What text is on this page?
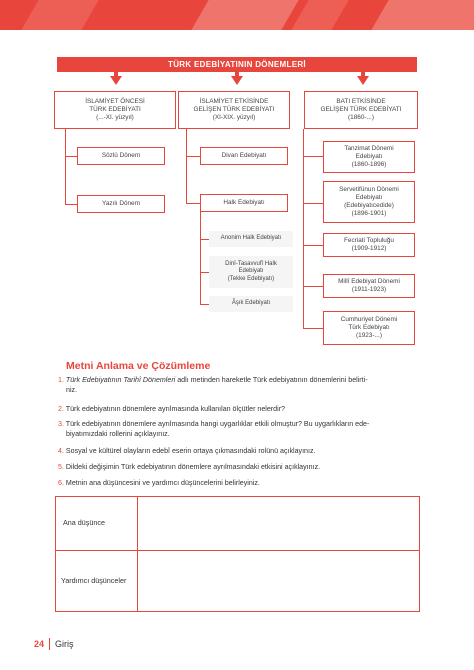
TÜRK EDEBİYATININ DÖNEMLERİ
İSLAMİYET ÖNCESİ
TÜRK EDEBİYATI
(...-XI. yüzyıl)
İSLAMİYET ETKİSİNDE
GELİŞEN TÜRK EDEBİYATI
(XI-XIX. yüzyıl)
BATI ETKİSİNDE
GELİŞEN TÜRK EDEBİYATI
(1860-...)
Sözlü Dönem
Yazılı Dönem
Divan Edebiyatı
Halk Edebiyatı
Anonim Halk Edebiyatı
Dinî-Tasavvufî Halk
Edebiyatı
(Tekke Edebiyatı)
Âşık Edebiyatı
Tanzimat Dönemi
Edebiyatı
(1860-1896)
Servetifünun Dönemi
Edebiyatı
(Edebiyatıcedide)
(1896-1901)
Fecriati Topluluğu
(1909-1912)
Millî Edebiyat Dönemi
(1911-1923)
Cumhuriyet Dönemi
Türk Edebiyatı
(1923-...)
Metni Anlama ve Çözümleme
1. Türk Edebiyatının Tarihî Dönemleri adlı metinden hareketle Türk edebiyatının dönemlerini belirti-
niz.
2. Türk edebiyatının dönemlere ayrılmasında kullanılan ölçütler nelerdir?
3. Türk edebiyatının dönemlere ayrılmasında hangi uygarlıklar etkili olmuştur? Bu uygarlıkların ede-
biyatımızdaki rollerini açıklayınız.
4. Sosyal ve kültürel olayların edebî eserin ortaya çıkmasındaki rolünü açıklayınız.
5. Dildeki değişimin Türk edebiyatının dönemlere ayrılmasındaki etkisini açıklayınız.
6. Metnin ana düşüncesini ve yardımcı düşüncelerini belirleyiniz.
Ana düşünce
Yardımcı düşünceler
24 Giriş
